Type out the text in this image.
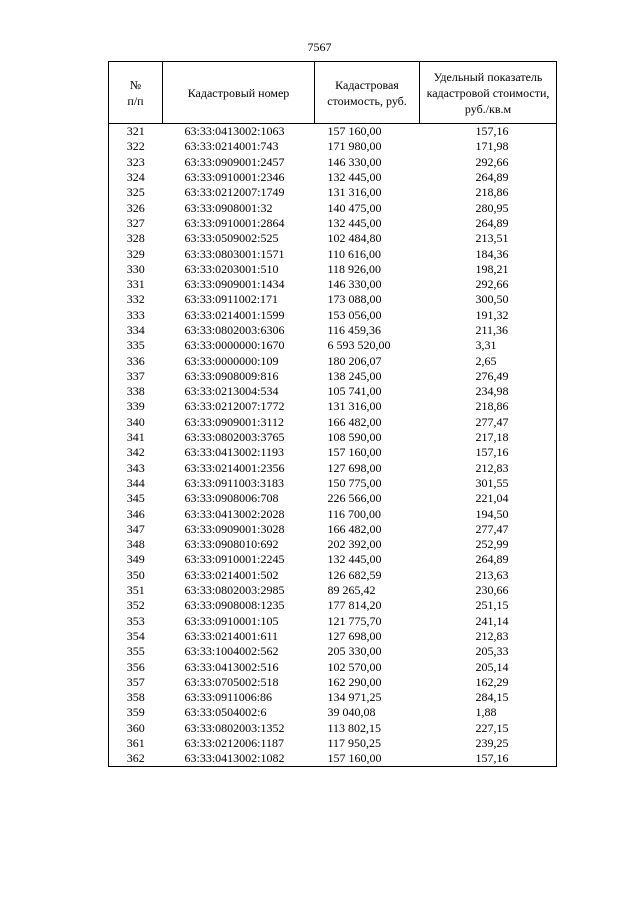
7567
№
п/п	Кадастровый номер	Кадастровая стоимость, руб.	Удельный показатель кадастровой стоимости, руб./кв.м
321	63:33:0413002:1063	157 160,00	157,16
322	63:33:0214001:743	171 980,00	171,98
323	63:33:0909001:2457	146 330,00	292,66
324	63:33:0910001:2346	132 445,00	264,89
325	63:33:0212007:1749	131 316,00	218,86
326	63:33:0908001:32	140 475,00	280,95
327	63:33:0910001:2864	132 445,00	264,89
328	63:33:0509002:525	102 484,80	213,51
329	63:33:0803001:1571	110 616,00	184,36
330	63:33:0203001:510	118 926,00	198,21
331	63:33:0909001:1434	146 330,00	292,66
332	63:33:0911002:171	173 088,00	300,50
333	63:33:0214001:1599	153 056,00	191,32
334	63:33:0802003:6306	116 459,36	211,36
335	63:33:0000000:1670	6 593 520,00	3,31
336	63:33:0000000:109	180 206,07	2,65
337	63:33:0908009:816	138 245,00	276,49
338	63:33:0213004:534	105 741,00	234,98
339	63:33:0212007:1772	131 316,00	218,86
340	63:33:0909001:3112	166 482,00	277,47
341	63:33:0802003:3765	108 590,00	217,18
342	63:33:0413002:1193	157 160,00	157,16
343	63:33:0214001:2356	127 698,00	212,83
344	63:33:0911003:3183	150 775,00	301,55
345	63:33:0908006:708	226 566,00	221,04
346	63:33:0413002:2028	116 700,00	194,50
347	63:33:0909001:3028	166 482,00	277,47
348	63:33:0908010:692	202 392,00	252,99
349	63:33:0910001:2245	132 445,00	264,89
350	63:33:0214001:502	126 682,59	213,63
351	63:33:0802003:2985	89 265,42	230,66
352	63:33:0908008:1235	177 814,20	251,15
353	63:33:0910001:105	121 775,70	241,14
354	63:33:0214001:611	127 698,00	212,83
355	63:33:1004002:562	205 330,00	205,33
356	63:33:0413002:516	102 570,00	205,14
357	63:33:0705002:518	162 290,00	162,29
358	63:33:0911006:86	134 971,25	284,15
359	63:33:0504002:6	39 040,08	1,88
360	63:33:0802003:1352	113 802,15	227,15
361	63:33:0212006:1187	117 950,25	239,25
362	63:33:0413002:1082	157 160,00	157,16
